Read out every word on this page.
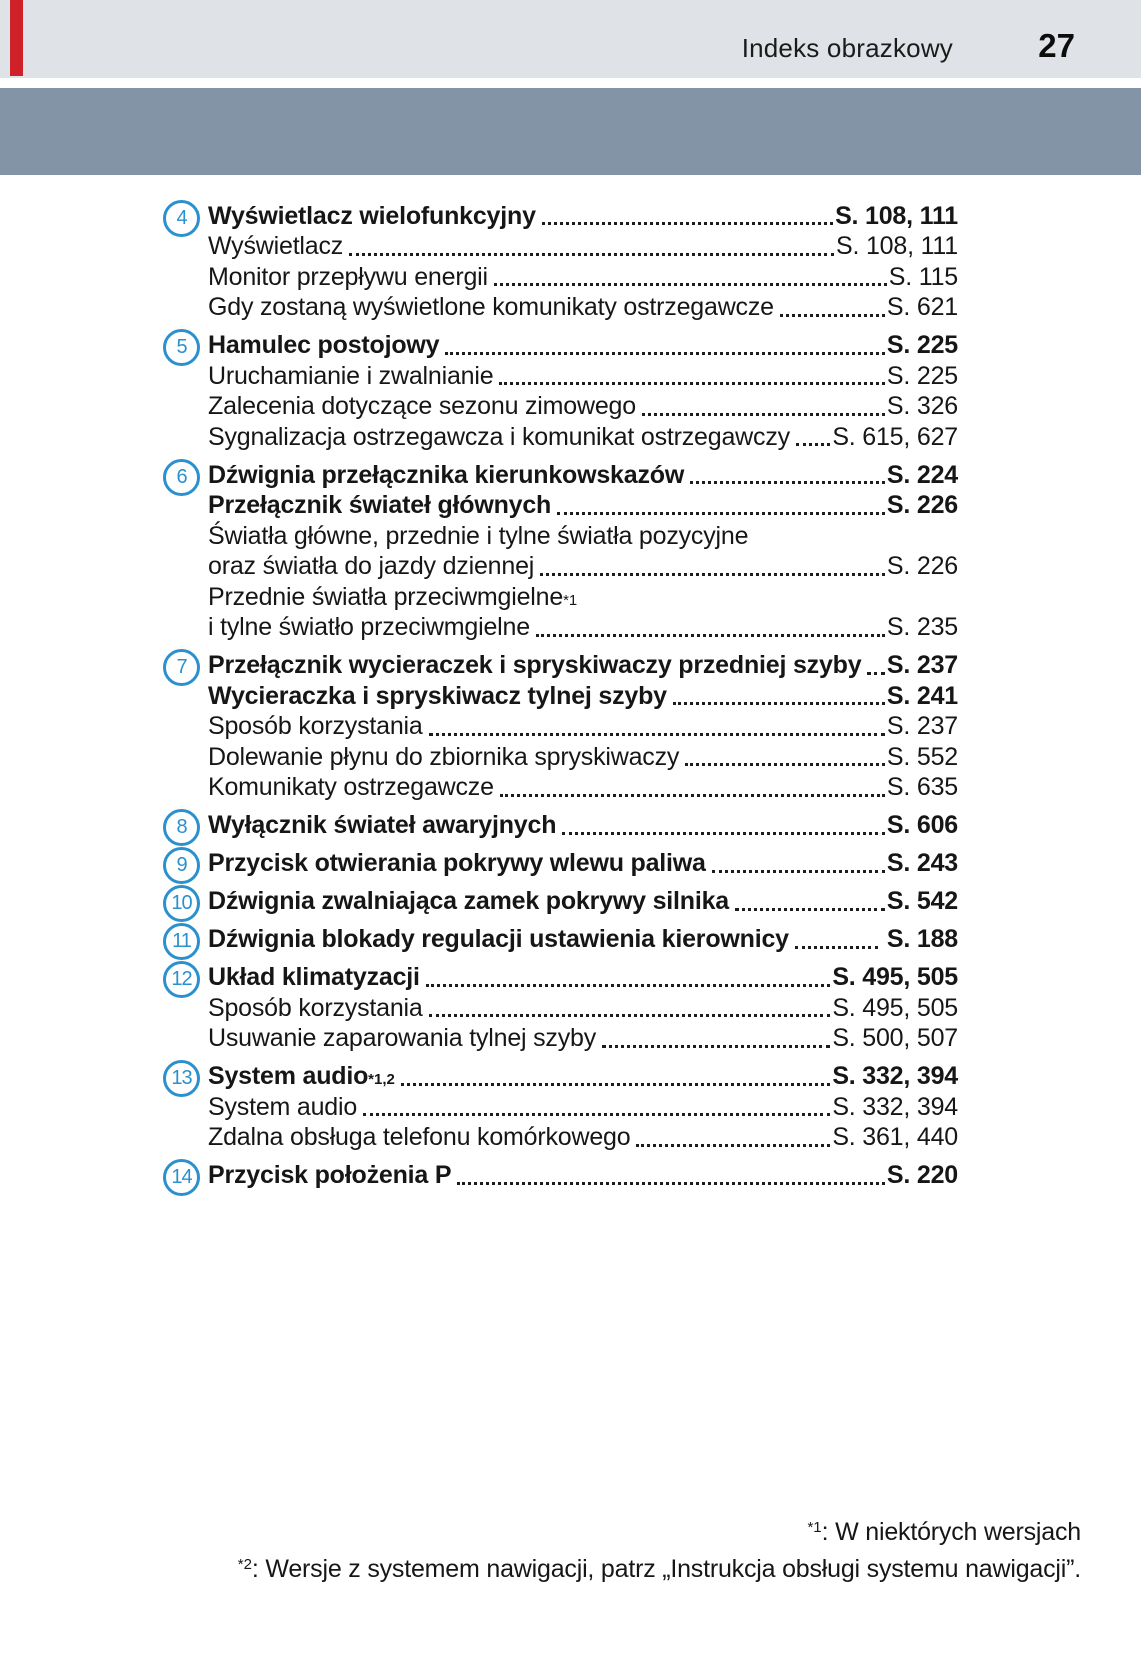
Indeks obrazkowy	27
4 Wyświetlacz wielofunkcyjny	S. 108, 111
Wyświetlacz	S. 108, 111
Monitor przepływu energii	S. 115
Gdy zostaną wyświetlone komunikaty ostrzegawcze	S. 621
5 Hamulec postojowy	S. 225
Uruchamianie i zwalnianie	S. 225
Zalecenia dotyczące sezonu zimowego	S. 326
Sygnalizacja ostrzegawcza i komunikat ostrzegawczy S. 615, 627
6 Dźwignia przełącznika kierunkowskazów	S. 224
Przełącznik świateł głównych	S. 226
Światła główne, przednie i tylne światła pozycyjne
oraz światła do jazdy dziennej	S. 226
Przednie światła przeciwmgielne *1
i tylne światło przeciwmgielne	S. 235
7 Przełącznik wycieraczek i spryskiwaczy przedniej szyby S. 237
Wycieraczka i spryskiwacz tylnej szyby	S. 241
Sposób korzystania	S. 237
Dolewanie płynu do zbiornika spryskiwaczy	S. 552
Komunikaty ostrzegawcze	S. 635
8 Wyłącznik świateł awaryjnych	S. 606
9 Przycisk otwierania pokrywy wlewu paliwa	S. 243
10 Dźwignia zwalniająca zamek pokrywy silnika	S. 542
11 Dźwignia blokady regulacji ustawienia kierownicy	S. 188
12 Układ klimatyzacji	S. 495, 505
Sposób korzystania	S. 495, 505
Usuwanie zaparowania tylnej szyby	S. 500, 507
13 System audio *1,2	S. 332, 394
System audio	S. 332, 394
Zdalna obsługa telefonu komórkowego	S. 361, 440
14 Przycisk położenia P	S. 220
$^{*1}$: W niektórych wersjach
$^{*2}$: Wersje z systemem nawigacji, patrz „Instrukcja obsługi systemu nawigacji”.
